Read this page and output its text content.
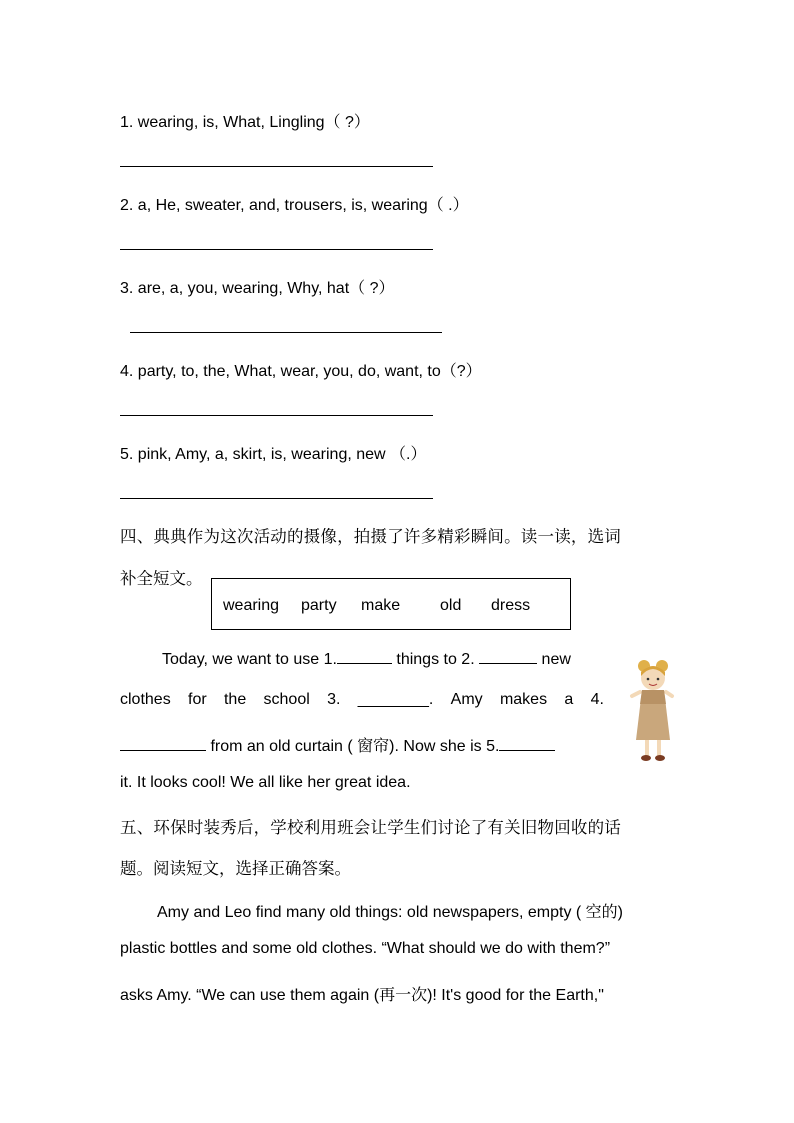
1. wearing, is, What, Lingling（ ?）
2. a, He, sweater, and, trousers, is, wearing（ .）
3. are, a, you, wearing, Why, hat（ ?）
4. party, to, the, What, wear, you, do, want, to（?）
5. pink, Amy, a, skirt, is, wearing, new （.）
四、典典作为这次活动的摄像，拍摄了许多精彩瞬间。读一读，选词
补全短文。
wearing party make old dress
Today, we want to use 1.	things to 2.	new
clothes for the school 3. ________. Amy makes a 4.
from an old curtain ( 窗帘). Now she is 5.
it. It looks cool! We all like her great idea.
五、环保时装秀后，学校利用班会让学生们讨论了有关旧物回收的话
题。阅读短文，选择正确答案。
Amy and Leo find many old things: old newspapers, empty ( 空的)
plastic bottles and some old clothes. “What should we do with them?”
asks Amy. “We can use them again (再一次)! It's good for the Earth,"
